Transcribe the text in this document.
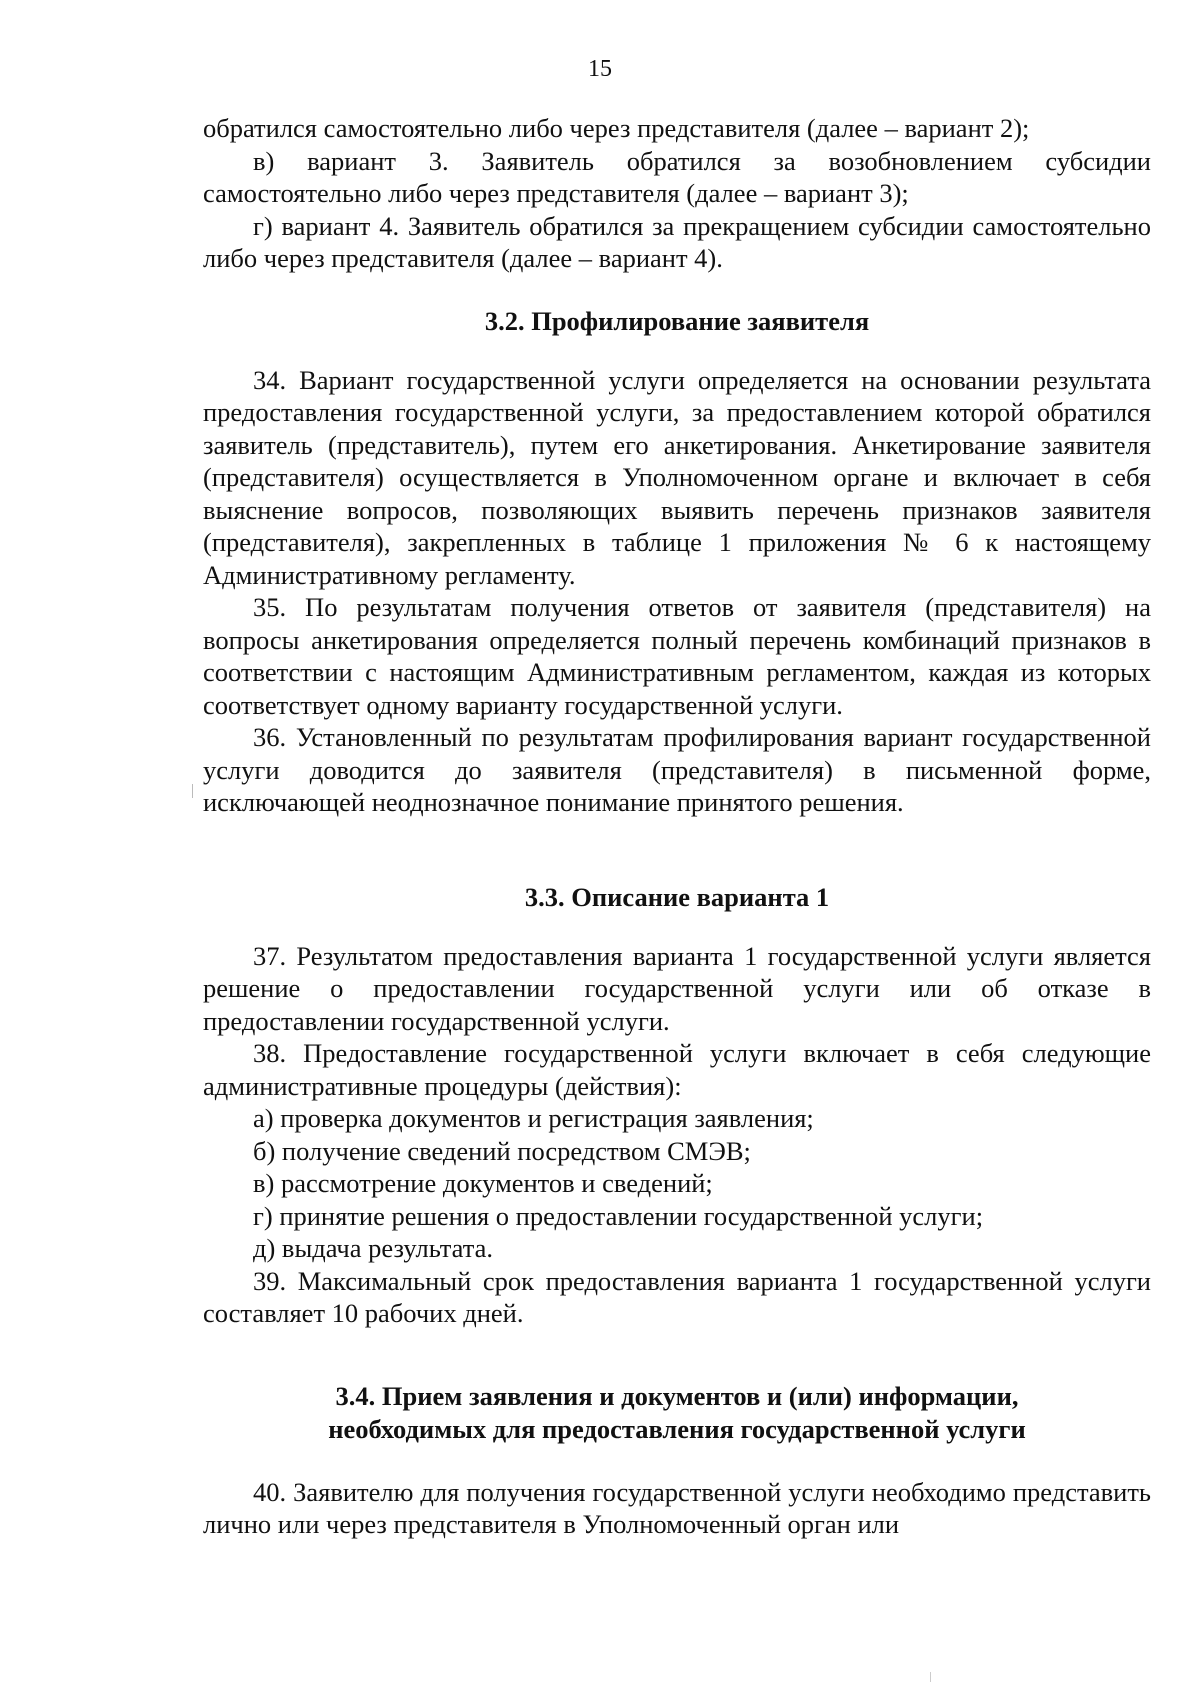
15

обратился самостоятельно либо через представителя (далее – вариант 2);

в) вариант 3. Заявитель обратился за возобновлением субсидии самостоятельно либо через представителя (далее – вариант 3);

г) вариант 4. Заявитель обратился за прекращением субсидии самостоятельно либо через представителя (далее – вариант 4).

3.2. Профилирование заявителя

34. Вариант государственной услуги определяется на основании результата предоставления государственной услуги, за предоставлением которой обратился заявитель (представитель), путем его анкетирования. Анкетирование заявителя (представителя) осуществляется в Уполномоченном органе и включает в себя выяснение вопросов, позволяющих выявить перечень признаков заявителя (представителя), закрепленных в таблице 1 приложения № 6 к настоящему Административному регламенту.

35. По результатам получения ответов от заявителя (представителя) на вопросы анкетирования определяется полный перечень комбинаций признаков в соответствии с настоящим Административным регламентом, каждая из которых соответствует одному варианту государственной услуги.

36. Установленный по результатам профилирования вариант государственной услуги доводится до заявителя (представителя) в письменной форме, исключающей неоднозначное понимание принятого решения.

3.3. Описание варианта 1

37. Результатом предоставления варианта 1 государственной услуги является решение о предоставлении государственной услуги или об отказе в предоставлении государственной услуги.

38. Предоставление государственной услуги включает в себя следующие административные процедуры (действия):

а) проверка документов и регистрация заявления;

б) получение сведений посредством СМЭВ;

в) рассмотрение документов и сведений;

г) принятие решения о предоставлении государственной услуги;

д) выдача результата.

39. Максимальный срок предоставления варианта 1 государственной услуги составляет 10 рабочих дней.

3.4. Прием заявления и документов и (или) информации,

необходимых для предоставления государственной услуги

40. Заявителю для получения государственной услуги необходимо представить лично или через представителя в Уполномоченный орган или
